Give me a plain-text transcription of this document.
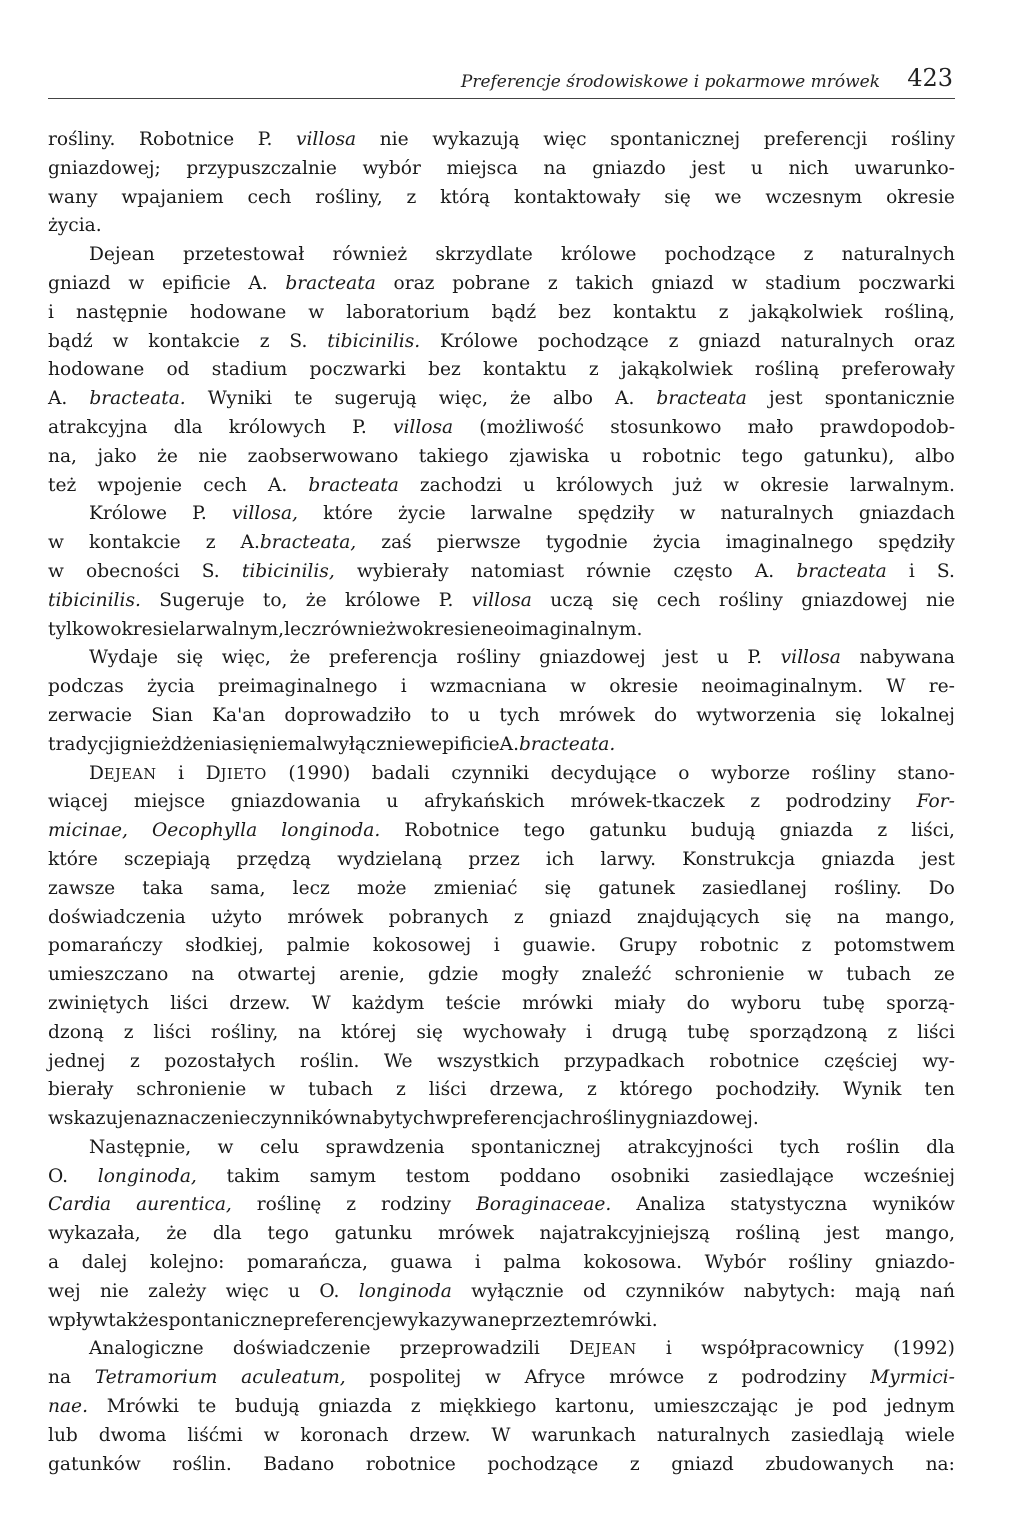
Preferencje środowiskowe i pokarmowe mrówek 423
rośliny. Robotnice P. villosa nie wykazują więc spontanicznej preferencji rośliny
gniazdowej; przypuszczalnie wybór miejsca na gniazdo jest u nich uwarunko-
wany wpajaniem cech rośliny, z którą kontaktowały się we wczesnym okresie
życia.
Dejean przetestował również skrzydlate królowe pochodzące z naturalnych
gniazd w epificie A. bracteata oraz pobrane z takich gniazd w stadium poczwarki
i następnie hodowane w laboratorium bądź bez kontaktu z jakąkolwiek rośliną,
bądź w kontakcie z S. tibicinilis. Królowe pochodzące z gniazd naturalnych oraz
hodowane od stadium poczwarki bez kontaktu z jakąkolwiek rośliną preferowały
A. bracteata. Wyniki te sugerują więc, że albo A. bracteata jest spontanicznie
atrakcyjna dla królowych P. villosa (możliwość stosunkowo mało prawdopodob-
na, jako że nie zaobserwowano takiego zjawiska u robotnic tego gatunku), albo
też wpojenie cech A. bracteata zachodzi u królowych już w okresie larwalnym.
Królowe P. villosa, które życie larwalne spędziły w naturalnych gniazdach
w kontakcie z A.bracteata, zaś pierwsze tygodnie życia imaginalnego spędziły
w obecności S. tibicinilis, wybierały natomiast równie często A. bracteata i S.
tibicinilis. Sugeruje to, że królowe P. villosa uczą się cech rośliny gniazdowej nie
tylko w okresie larwalnym, lecz również w okresie neoimaginalnym.
Wydaje się więc, że preferencja rośliny gniazdowej jest u P. villosa nabywana
podczas życia preimaginalnego i wzmacniana w okresie neoimaginalnym. W re-
zerwacie Sian Ka'an doprowadziło to u tych mrówek do wytworzenia się lokalnej
tradycji gnieżdżenia się niemal wyłącznie w epificie A. bracteata.
DEJEAN i DJIETO (1990) badali czynniki decydujące o wyborze rośliny stano-
wiącej miejsce gniazdowania u afrykańskich mrówek-tkaczek z podrodziny For-
micinae, Oecophylla longinoda. Robotnice tego gatunku budują gniazda z liści,
które sczepiają przędzą wydzielaną przez ich larwy. Konstrukcja gniazda jest
zawsze taka sama, lecz może zmieniać się gatunek zasiedlanej rośliny. Do
doświadczenia użyto mrówek pobranych z gniazd znajdujących się na mango,
pomarańczy słodkiej, palmie kokosowej i guawie. Grupy robotnic z potomstwem
umieszczano na otwartej arenie, gdzie mogły znaleźć schronienie w tubach ze
zwiniętych liści drzew. W każdym teście mrówki miały do wyboru tubę sporzą-
dzoną z liści rośliny, na której się wychowały i drugą tubę sporządzoną z liści
jednej z pozostałych roślin. We wszystkich przypadkach robotnice częściej wy-
bierały schronienie w tubach z liści drzewa, z którego pochodziły. Wynik ten
wskazuje na znaczenie czynników nabytych w preferencjach rośliny gniazdowej.
Następnie, w celu sprawdzenia spontanicznej atrakcyjności tych roślin dla
O. longinoda, takim samym testom poddano osobniki zasiedlające wcześniej
Cardia aurentica, roślinę z rodziny Boraginaceae. Analiza statystyczna wyników
wykazała, że dla tego gatunku mrówek najatrakcyjniejszą rośliną jest mango,
a dalej kolejno: pomarańcza, guawa i palma kokosowa. Wybór rośliny gniazdo-
wej nie zależy więc u O. longinoda wyłącznie od czynników nabytych: mają nań
wpływ także spontaniczne preferencje wykazywane przez te mrówki.
Analogiczne doświadczenie przeprowadzili DEJEAN i współpracownicy (1992)
na Tetramorium aculeatum, pospolitej w Afryce mrówce z podrodziny Myrmici-
nae. Mrówki te budują gniazda z miękkiego kartonu, umieszczając je pod jednym
lub dwoma liśćmi w koronach drzew. W warunkach naturalnych zasiedlają wiele
gatunków roślin. Badano robotnice pochodzące z gniazd zbudowanych na:
